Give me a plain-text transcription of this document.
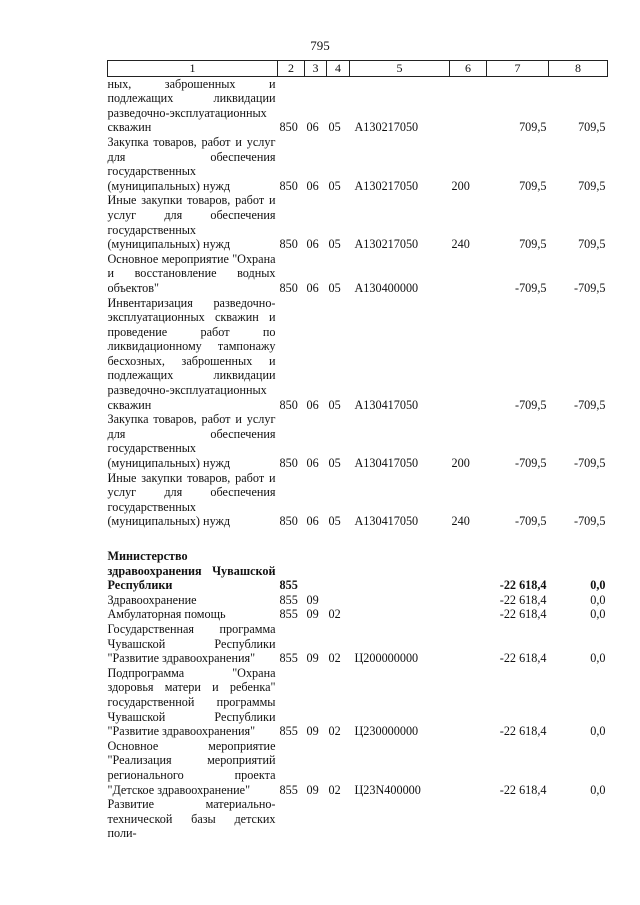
795
1	2	3	4	5	6	7	8
ных, заброшенных и подлежащих ликвидации разведочно-эксплуатационных скважин	850	06	05	А130217050		709,5	709,5
Закупка товаров, работ и услуг для обеспечения государственных (муниципальных) нужд	850	06	05	А130217050	200	709,5	709,5
Иные закупки товаров, работ и услуг для обеспечения государственных (муниципальных) нужд	850	06	05	А130217050	240	709,5	709,5
Основное мероприятие "Охрана и восстановление водных объектов"	850	06	05	А130400000		-709,5	-709,5
Инвентаризация разведочно-эксплуатационных скважин и проведение работ по ликвидационному тампонажу бесхозных, заброшенных и подлежащих ликвидации разведочно-эксплуатационных скважин	850	06	05	А130417050		-709,5	-709,5
Закупка товаров, работ и услуг для обеспечения государственных (муниципальных) нужд	850	06	05	А130417050	200	-709,5	-709,5
Иные закупки товаров, работ и услуг для обеспечения государственных (муниципальных) нужд	850	06	05	А130417050	240	-709,5	-709,5

Министерство здравоохранения Чувашской Республики	855					-22 618,4	0,0
Здравоохранение	855	09				-22 618,4	0,0
Амбулаторная помощь	855	09	02			-22 618,4	0,0
Государственная программа Чувашской Республики "Развитие здравоохранения"	855	09	02	Ц200000000		-22 618,4	0,0
Подпрограмма "Охрана здоровья матери и ребенка" государственной программы Чувашской Республики "Развитие здравоохранения"	855	09	02	Ц230000000		-22 618,4	0,0
Основное мероприятие "Реализация мероприятий регионального проекта "Детское здравоохранение"	855	09	02	Ц23N400000		-22 618,4	0,0
Развитие материально-технической базы детских поли-							
